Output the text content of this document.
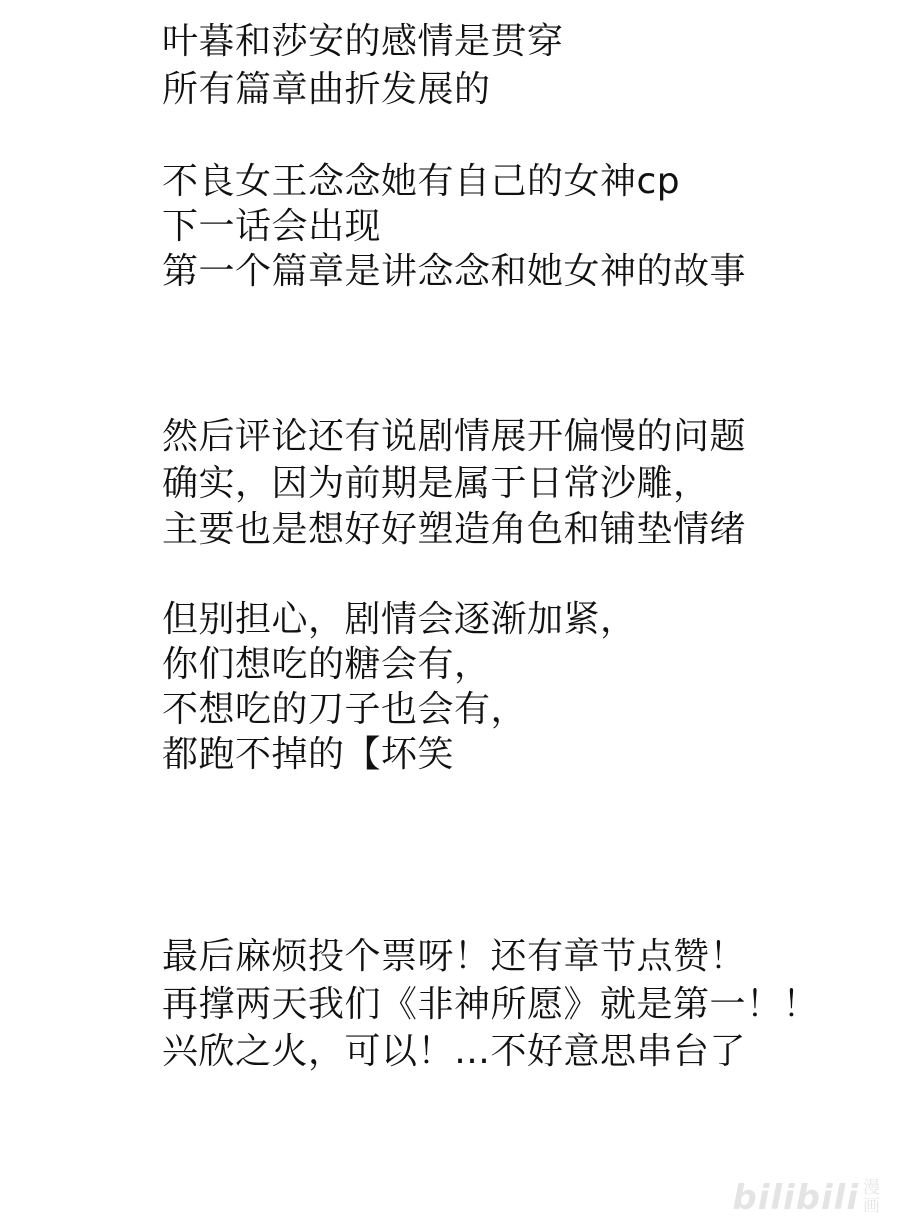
叶暮和莎安的感情是贯穿

所有篇章曲折发展的

不良女王念念她有自己的女神cp

下一话会出现

第一个篇章是讲念念和她女神的故事

然后评论还有说剧情展开偏慢的问题

确实，因为前期是属于日常沙雕，

主要也是想好好塑造角色和铺垫情绪

但别担心，剧情会逐渐加紧，

你们想吃的糖会有，

不想吃的刀子也会有，

都跑不掉的【坏笑

最后麻烦投个票呀！还有章节点赞！

再撑两天我们《非神所愿》就是第一！！

兴欣之火，可以！…不好意思串台了

bilibili 漫
画
